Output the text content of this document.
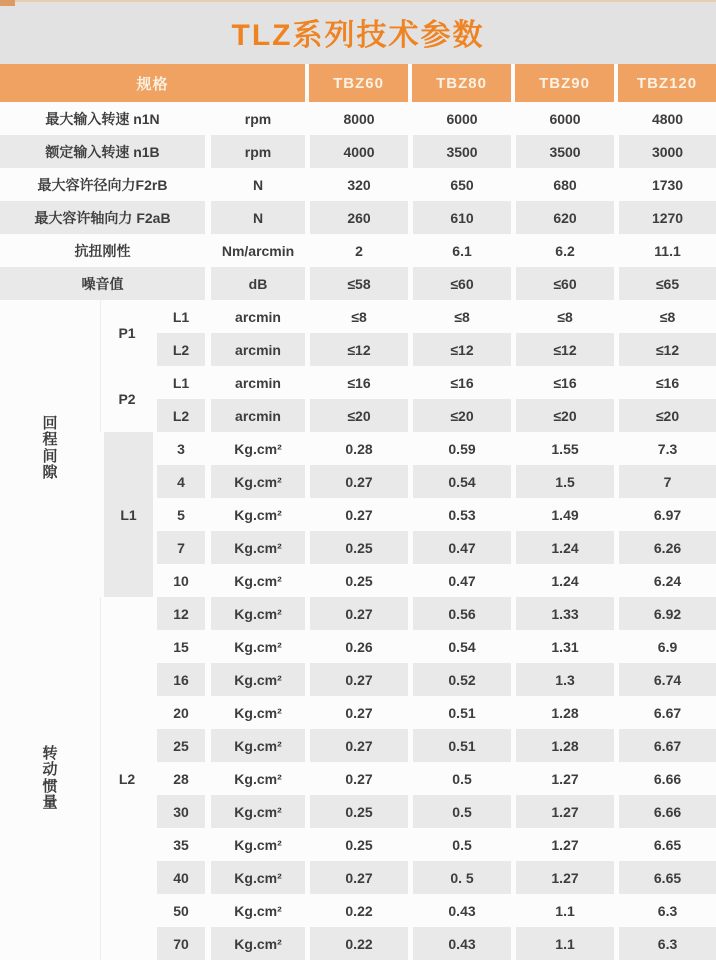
TLZ系列技术参数
规格				TBZ60	TBZ80	TBZ90	TBZ120
最大输入转速 n1N			rpm	8000	6000	6000	4800
额定输入转速 n1B			rpm	4000	3500	3500	3000
最大容许径向力F2rB			N	320	650	680	1730
最大容许轴向力 F2aB			N	260	610	620	1270
抗扭刚性			Nm/arcmin	2	6.1	6.2	11.1
噪音值			dB	≤58	≤60	≤60	≤65
回程间隙	P1	L1	arcmin	≤8	≤8	≤8	≤8
		L2	arcmin	≤12	≤12	≤12	≤12
	P2	L1	arcmin	≤16	≤16	≤16	≤16
		L2	arcmin	≤20	≤20	≤20	≤20
	L1	3	Kg.cm²	0.28	0.59	1.55	7.3
		4	Kg.cm²	0.27	0.54	1.5	7
		5	Kg.cm²	0.27	0.53	1.49	6.97
		7	Kg.cm²	0.25	0.47	1.24	6.26
		10	Kg.cm²	0.25	0.47	1.24	6.24
转动惯量	L2	12	Kg.cm²	0.27	0.56	1.33	6.92
		15	Kg.cm²	0.26	0.54	1.31	6.9
		16	Kg.cm²	0.27	0.52	1.3	6.74
		20	Kg.cm²	0.27	0.51	1.28	6.67
		25	Kg.cm²	0.27	0.51	1.28	6.67
		28	Kg.cm²	0.27	0.5	1.27	6.66
		30	Kg.cm²	0.25	0.5	1.27	6.66
		35	Kg.cm²	0.25	0.5	1.27	6.65
		40	Kg.cm²	0.27	0. 5	1.27	6.65
		50	Kg.cm²	0.22	0.43	1.1	6.3
		70	Kg.cm²	0.22	0.43	1.1	6.3
